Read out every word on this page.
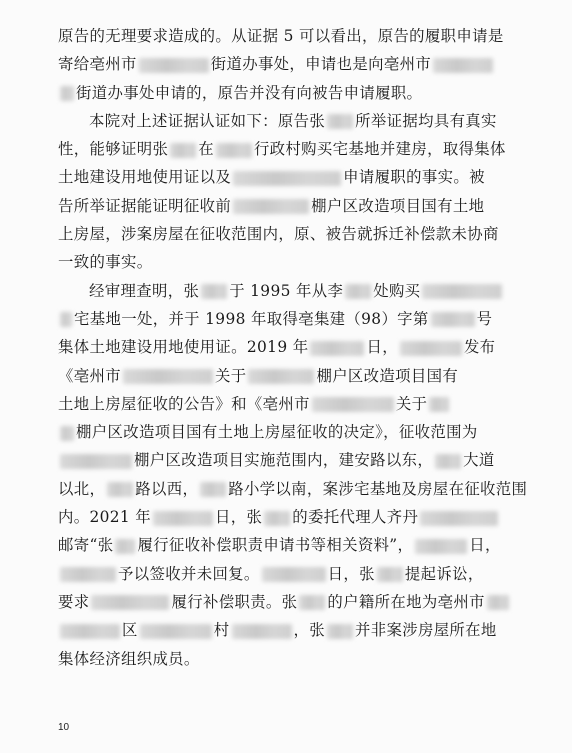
原告的无理要求造成的。从证据 5 可以看出，原告的履职申请是
寄给亳州市	街道办事处，申请也是向亳州市
街道办事处申请的，原告并没有向被告申请履职。
本院对上述证据认证如下：原告张 所举证据均具有真实
性，能够证明张 在	行政村购买宅基地并建房，取得集体
土地建设用地使用证以及	申请履职的事实。被
告所举证据能证明征收前	棚户区改造项目国有土地
上房屋，涉案房屋在征收范围内，原、被告就拆迁补偿款未协商
一致的事实。
经审理查明，张 于 1995 年从李 处购买
宅基地一处，并于 1998 年取得亳集建（98）字第	号
集体土地建设用地使用证。2019 年	日，	发布
《亳州市	关于	棚户区改造项目国有
土地上房屋征收的公告》和《亳州市	关于
棚户区改造项目国有土地上房屋征收的决定》，征收范围为
棚户区改造项目实施范围内，建安路以东， 大道
以北， 路以西， 路小学以南，案涉宅基地及房屋在征收范围
内。2021 年	日，张 的委托代理人齐丹
邮寄“张 履行征收补偿职责申请书等相关资料”，	日，
予以签收并未回复。	日，张 提起诉讼，
要求	履行补偿职责。张 的户籍所在地为亳州市
区	村	，张 并非案涉房屋所在地
集体经济组织成员。
10
